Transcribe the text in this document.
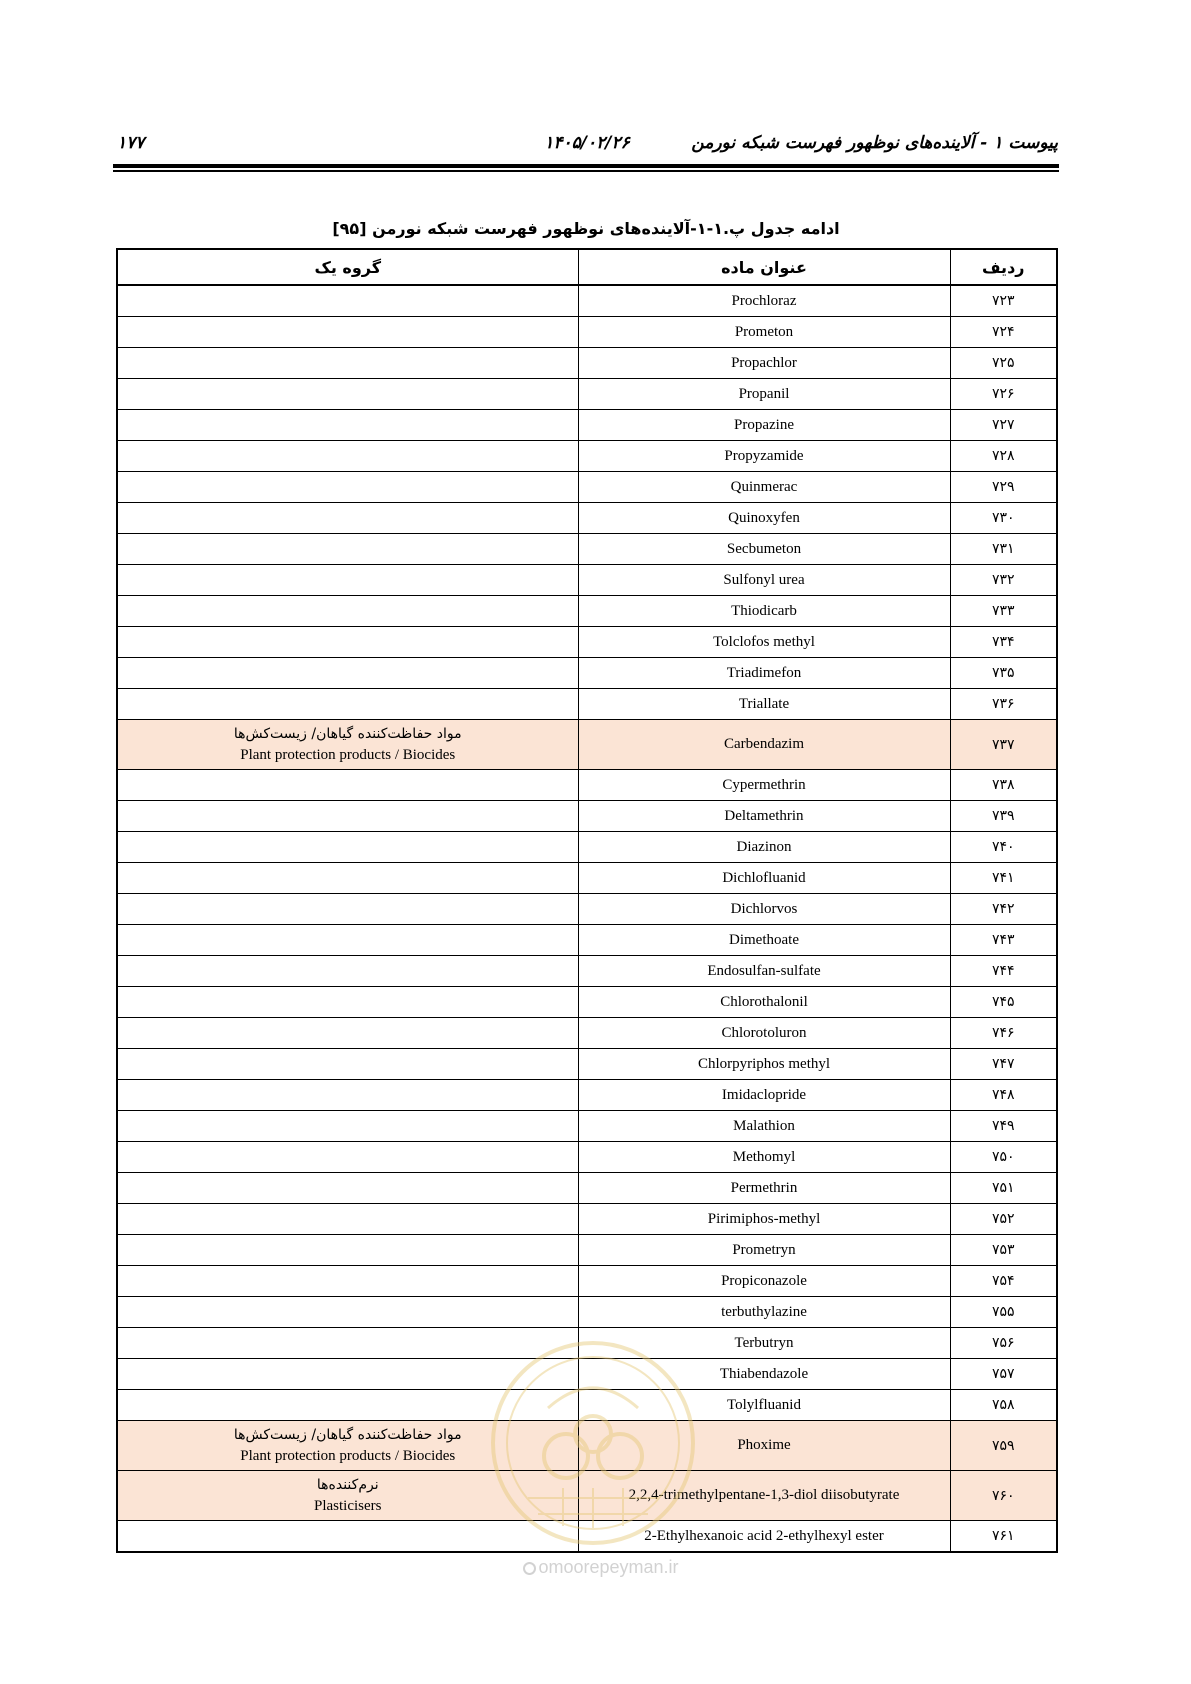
پیوست ۱ - آلاینده‌های نوظهور فهرست شبکه نورمن
۱۴۰۵/۰۲/۲۶
۱۷۷
ادامه جدول پ.۱-۱-آلاینده‌های نوظهور فهرست شبکه نورمن [۹۵]
ردیف	عنوان ماده	گروه یک
۷۲۳	Prochloraz	
۷۲۴	Prometon	
۷۲۵	Propachlor	
۷۲۶	Propanil	
۷۲۷	Propazine	
۷۲۸	Propyzamide	
۷۲۹	Quinmerac	
۷۳۰	Quinoxyfen	
۷۳۱	Secbumeton	
۷۳۲	Sulfonyl urea	
۷۳۳	Thiodicarb	
۷۳۴	Tolclofos methyl	
۷۳۵	Triadimefon	
۷۳۶	Triallate	
۷۳۷	Carbendazim	مواد حفاظت‌کننده گیاهان/ زیست‌کش‌ها
Plant protection products / Biocides

۷۳۸	Cypermethrin	
۷۳۹	Deltamethrin	
۷۴۰	Diazinon	
۷۴۱	Dichlofluanid	
۷۴۲	Dichlorvos	
۷۴۳	Dimethoate	
۷۴۴	Endosulfan-sulfate	
۷۴۵	Chlorothalonil	
۷۴۶	Chlorotoluron	
۷۴۷	Chlorpyriphos methyl	
۷۴۸	Imidaclopride	
۷۴۹	Malathion	
۷۵۰	Methomyl	
۷۵۱	Permethrin	
۷۵۲	Pirimiphos-methyl	
۷۵۳	Prometryn	
۷۵۴	Propiconazole	
۷۵۵	terbuthylazine	
۷۵۶	Terbutryn	
۷۵۷	Thiabendazole	
۷۵۸	Tolylfluanid	
۷۵۹	Phoxime	مواد حفاظت‌کننده گیاهان/ زیست‌کش‌ها
Plant protection products / Biocides

۷۶۰	2,2,4-trimethylpentane-1,3-diol diisobutyrate	نرم‌کننده‌ها
Plasticisers

۷۶۱	2-Ethylhexanoic acid 2-ethylhexyl ester	
omoorepeyman.ir
